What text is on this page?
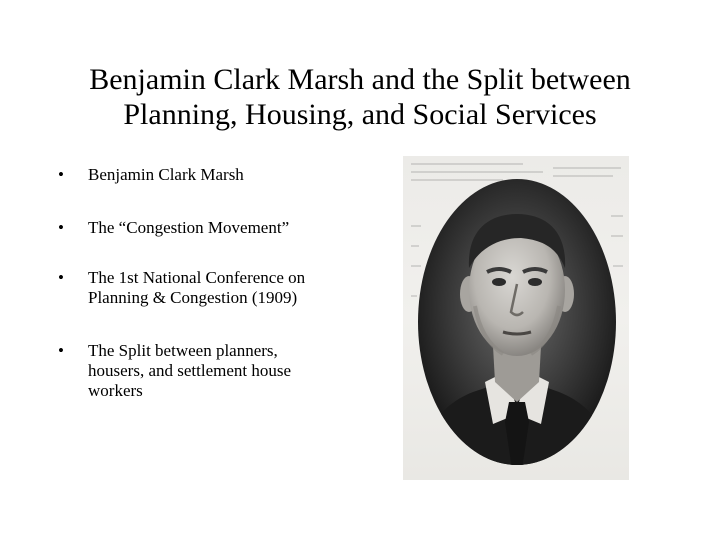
Benjamin Clark Marsh and the Split between
Planning, Housing, and Social Services
•	Benjamin Clark Marsh
•	The “Congestion Movement”
•	The 1st National Conference on
Planning & Congestion (1909)
•	The Split between planners,
housers, and settlement house
workers
